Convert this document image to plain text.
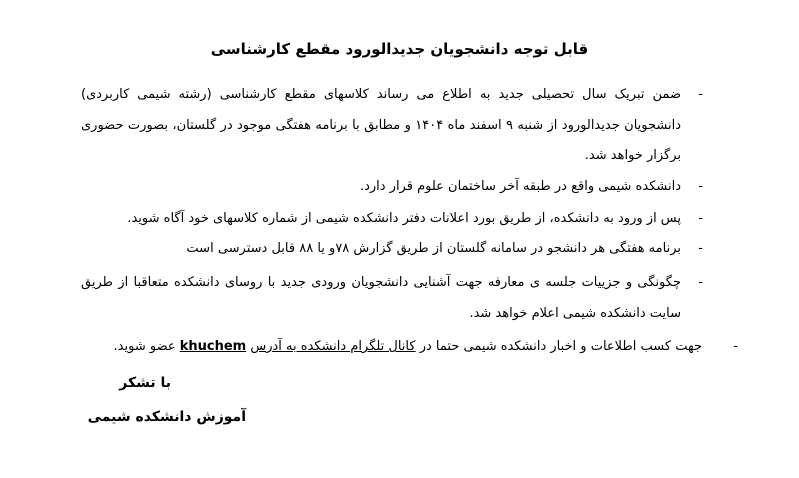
قابل توجه دانشجویان جدیدالورود مقطع کارشناسی
-
ضمن تبریک سال تحصیلی جدید به اطلاع می رساند کلاسهای مقطع کارشناسی (رشته شیمی کاربردی) دانشجویان جدیدالورود از شنبه ۹ اسفند ماه ۱۴۰۴ و مطابق با برنامه هفتگی موجود در گلستان، بصورت حضوری برگزار خواهد شد.
-
دانشکده شیمی واقع در طبقه آخر ساختمان علوم قرار دارد.
-
پس از ورود به دانشکده، از طریق بورد اعلانات دفتر دانشکده شیمی از شماره کلاسهای خود آگاه شوید.
-
برنامه هفتگی هر دانشجو در سامانه گلستان از طریق گزارش ۷۸و یا ۸۸ قابل دسترسی است
-
چگونگی و جزییات جلسه ی معارفه جهت آشنایی دانشجویان ورودی جدید با روسای دانشکده متعاقبا از طریق سایت دانشکده شیمی اعلام خواهد شد.
-
جهت کسب اطلاعات و اخبار دانشکده شیمی حتما در کانال تلگرام دانشکده به آدرس khuchem عضو شوید.
با تشکر
آموزش دانشکده شیمی
